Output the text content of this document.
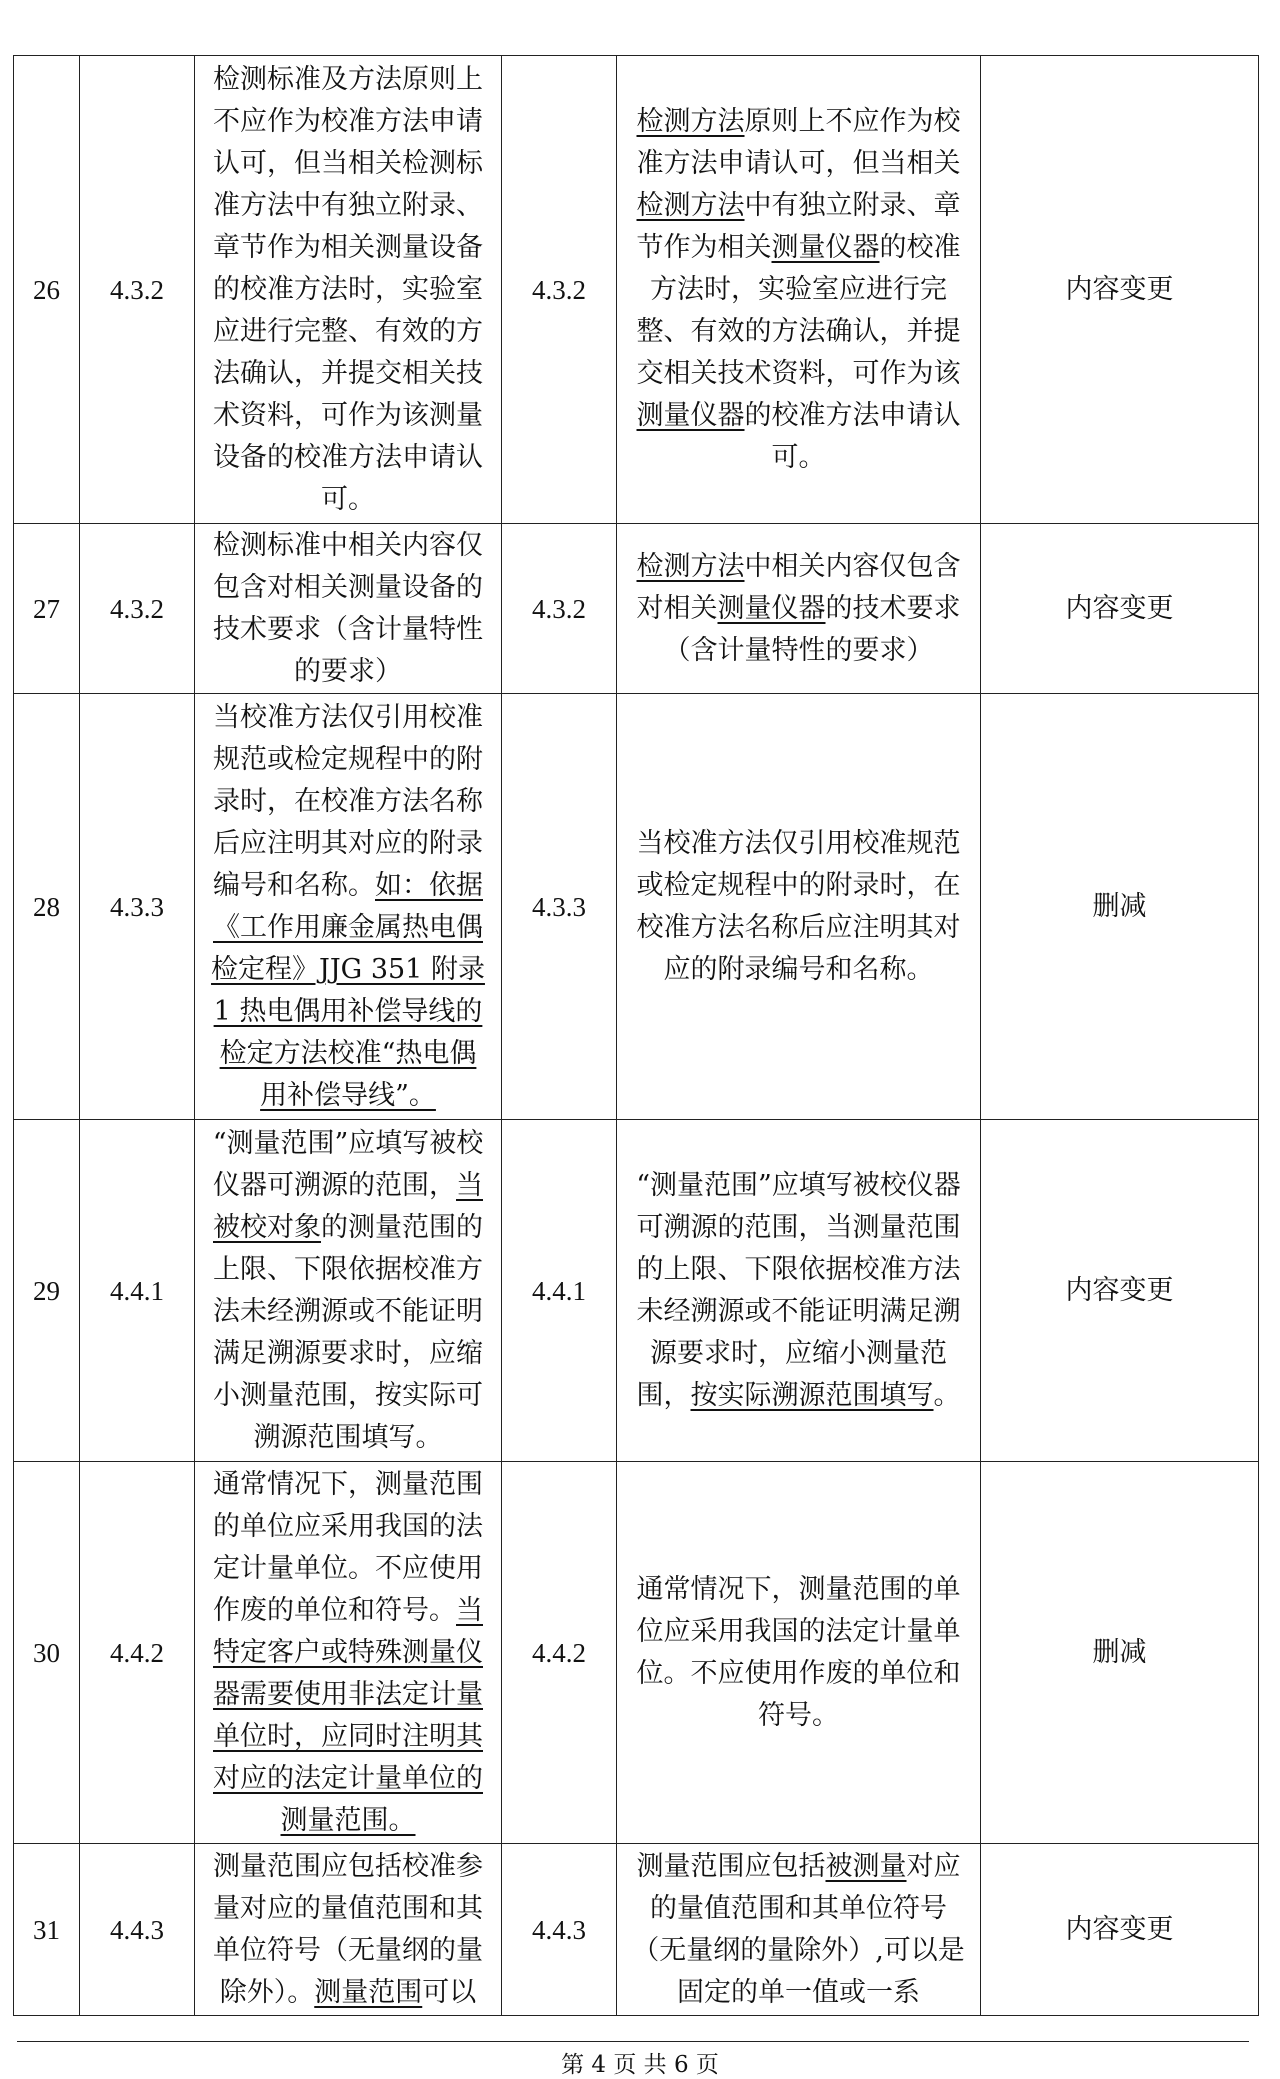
26	4.3.2	检测标准及方法原则上不应作为校准方法申请认可，但当相关检测标准方法中有独立附录、章节作为相关测量设备的校准方法时，实验室应进行完整、有效的方法确认，并提交相关技术资料，可作为该测量设备的校准方法申请认可。	4.3.2	检测方法原则上不应作为校准方法申请认可，但当相关检测方法中有独立附录、章节作为相关测量仪器的校准方法时，实验室应进行完整、有效的方法确认，并提交相关技术资料，可作为该测量仪器的校准方法申请认可。	内容变更
27	4.3.2	检测标准中相关内容仅包含对相关测量设备的技术要求（含计量特性的要求）	4.3.2	检测方法中相关内容仅包含对相关测量仪器的技术要求（含计量特性的要求）	内容变更
28	4.3.3	当校准方法仅引用校准规范或检定规程中的附录时，在校准方法名称后应注明其对应的附录编号和名称。如：依据《工作用廉金属热电偶检定程》JJG 351 附录 1 热电偶用补偿导线的检定方法校准“热电偶用补偿导线”。	4.3.3	当校准方法仅引用校准规范或检定规程中的附录时，在校准方法名称后应注明其对应的附录编号和名称。	删减
29	4.4.1	“测量范围”应填写被校仪器可溯源的范围，当被校对象的测量范围的上限、下限依据校准方法未经溯源或不能证明满足溯源要求时，应缩小测量范围，按实际可溯源范围填写。	4.4.1	“测量范围”应填写被校仪器可溯源的范围，当测量范围的上限、下限依据校准方法未经溯源或不能证明满足溯源要求时，应缩小测量范围，按实际溯源范围填写。	内容变更
30	4.4.2	通常情况下，测量范围的单位应采用我国的法定计量单位。不应使用作废的单位和符号。当特定客户或特殊测量仪器需要使用非法定计量单位时，应同时注明其对应的法定计量单位的测量范围。	4.4.2	通常情况下，测量范围的单位应采用我国的法定计量单位。不应使用作废的单位和符号。	删减
31	4.4.3	测量范围应包括校准参量对应的量值范围和其单位符号（无量纲的量除外）。测量范围可以	4.4.3	测量范围应包括被测量对应的量值范围和其单位符号（无量纲的量除外）,可以是固定的单一值或一系	内容变更
第 4 页 共 6 页
